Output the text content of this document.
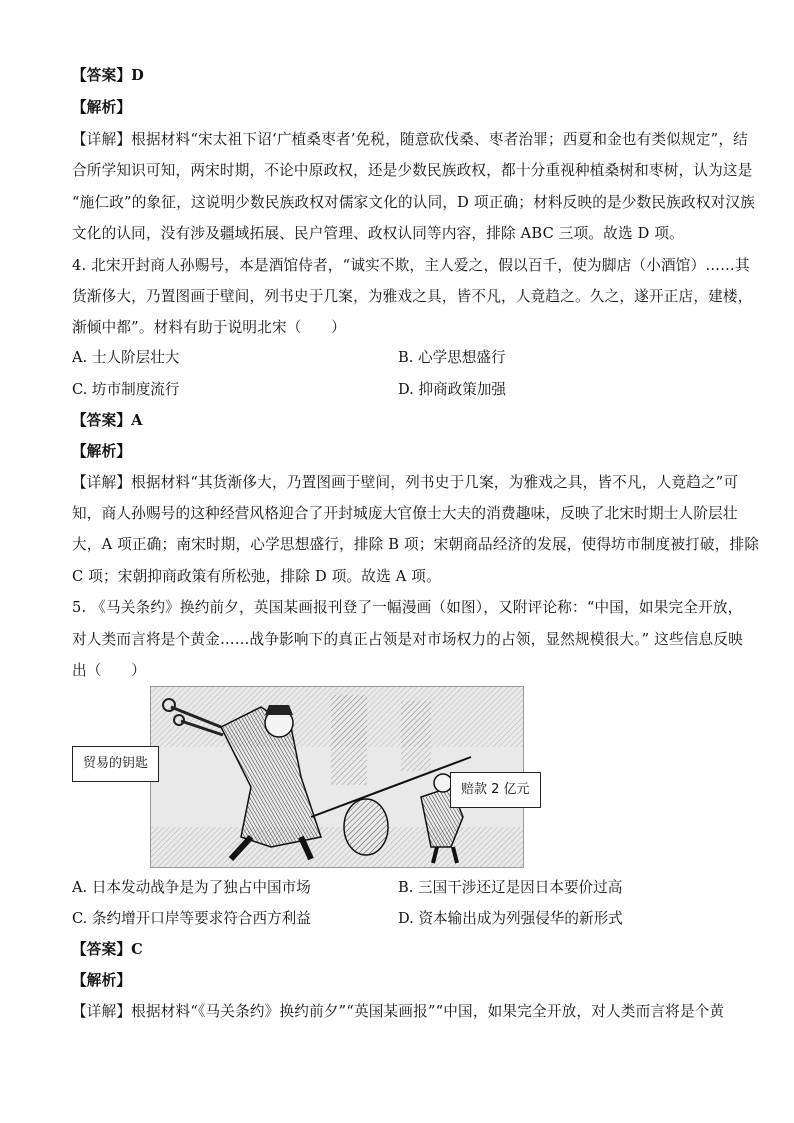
【答案】D
【解析】
【详解】根据材料“宋太祖下诏‘广植桑枣者’免税，随意砍伐桑、枣者治罪；西夏和金也有类似规定”，结
合所学知识可知，两宋时期，不论中原政权，还是少数民族政权，都十分重视种植桑树和枣树，认为这是
“施仁政”的象征，这说明少数民族政权对儒家文化的认同，D 项正确；材料反映的是少数民族政权对汉族
文化的认同，没有涉及疆域拓展、民户管理、政权认同等内容，排除 ABC 三项。故选 D 项。
4. 北宋开封商人孙赐号，本是酒馆侍者，“诚实不欺，主人爱之，假以百千，使为脚店（小酒馆）……其
货渐侈大，乃置图画于壁间，列书史于几案，为雅戏之具，皆不凡，人竟趋之。久之，遂开正店，建楼，
渐倾中都”。材料有助于说明北宋（　　）
A. 士人阶层壮大	B. 心学思想盛行
C. 坊市制度流行	D. 抑商政策加强
【答案】A
【解析】
【详解】根据材料“其货渐侈大，乃置图画于壁间，列书史于几案，为雅戏之具，皆不凡，人竟趋之”可
知，商人孙赐号的这种经营风格迎合了开封城庞大官僚士大夫的消费趣味，反映了北宋时期士人阶层壮
大，A 项正确；南宋时期，心学思想盛行，排除 B 项；宋朝商品经济的发展，使得坊市制度被打破，排除
C 项；宋朝抑商政策有所松弛，排除 D 项。故选 A 项。
5. 《马关条约》换约前夕，英国某画报刊登了一幅漫画（如图），又附评论称：“中国，如果完全开放，
对人类而言将是个黄金……战争影响下的真正占领是对市场权力的占领，显然规模很大。” 这些信息反映
出（　　）
贸易的钥匙
赔款 2 亿元
A. 日本发动战争是为了独占中国市场	B. 三国干涉还辽是因日本要价过高
C. 条约增开口岸等要求符合西方利益	D. 资本输出成为列强侵华的新形式
【答案】C
【解析】
【详解】根据材料“《马关条约》换约前夕”“英国某画报”“中国，如果完全开放，对人类而言将是个黄
